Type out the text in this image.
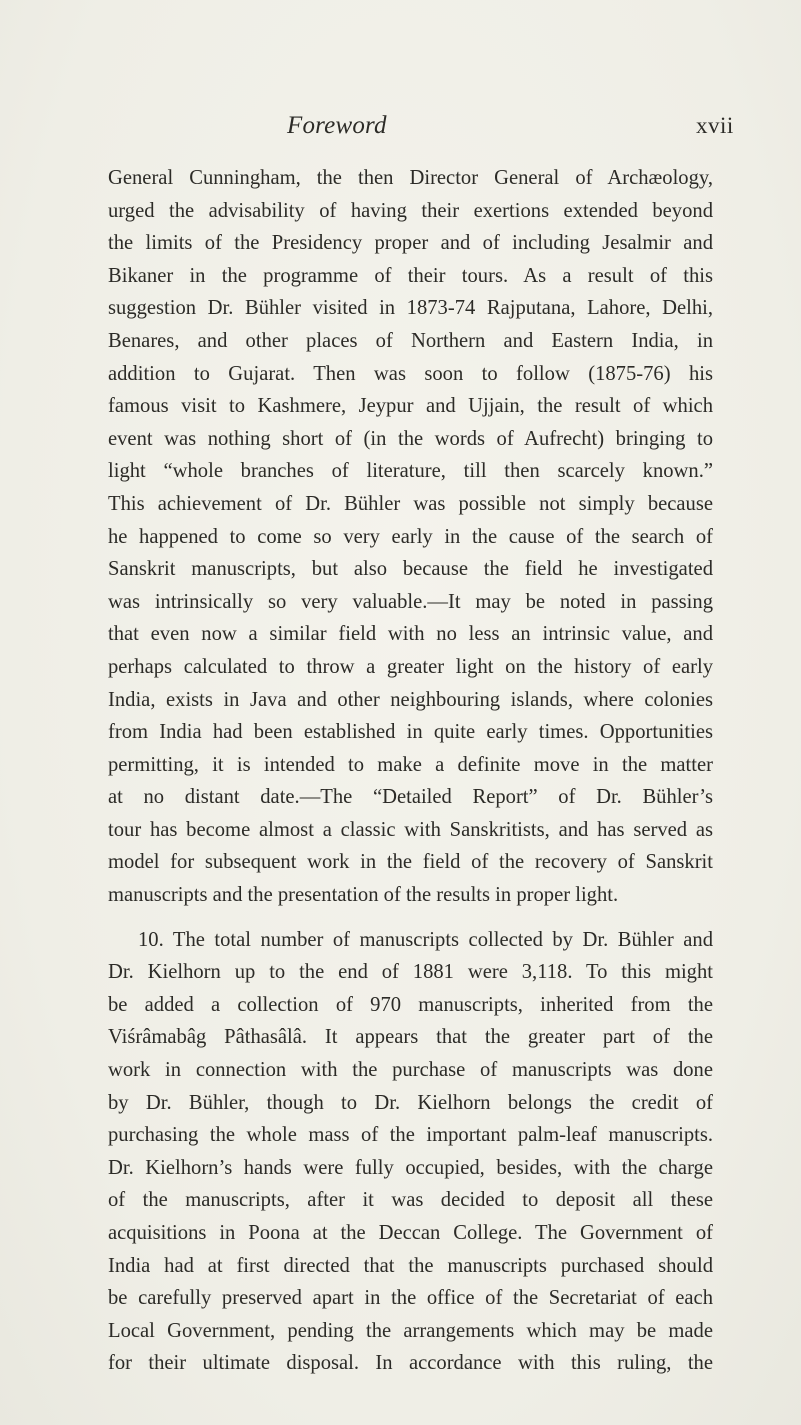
Foreword	xvii
General Cunningham, the then Director General of Archæology,
urged the advisability of having their exertions extended beyond
the limits of the Presidency proper and of including Jesalmir and
Bikaner in the programme of their tours. As a result of this
suggestion Dr. Bühler visited in 1873-74 Rajputana, Lahore, Delhi,
Benares, and other places of Northern and Eastern India, in
addition to Gujarat. Then was soon to follow (1875-76) his
famous visit to Kashmere, Jeypur and Ujjain, the result of which
event was nothing short of (in the words of Aufrecht) bringing to
light “whole branches of literature, till then scarcely known.”
This achievement of Dr. Bühler was possible not simply because
he happened to come so very early in the cause of the search of
Sanskrit manuscripts, but also because the field he investigated
was intrinsically so very valuable.—It may be noted in passing
that even now a similar field with no less an intrinsic value, and
perhaps calculated to throw a greater light on the history of early
India, exists in Java and other neighbouring islands, where colonies
from India had been established in quite early times. Opportunities
permitting, it is intended to make a definite move in the matter
at no distant date.—The “Detailed Report” of Dr. Bühler’s
tour has become almost a classic with Sanskritists, and has served as
model for subsequent work in the field of the recovery of Sanskrit
manuscripts and the presentation of the results in proper light.
10. The total number of manuscripts collected by Dr. Bühler and
Dr. Kielhorn up to the end of 1881 were 3,118. To this might
be added a collection of 970 manuscripts, inherited from the
Viśrâmabâg Pâthasâlâ. It appears that the greater part of the
work in connection with the purchase of manuscripts was done
by Dr. Bühler, though to Dr. Kielhorn belongs the credit of
purchasing the whole mass of the important palm-leaf manuscripts.
Dr. Kielhorn’s hands were fully occupied, besides, with the charge
of the manuscripts, after it was decided to deposit all these
acquisitions in Poona at the Deccan College. The Government of
India had at first directed that the manuscripts purchased should
be carefully preserved apart in the office of the Secretariat of each
Local Government, pending the arrangements which may be made
for their ultimate disposal. In accordance with this ruling, the
